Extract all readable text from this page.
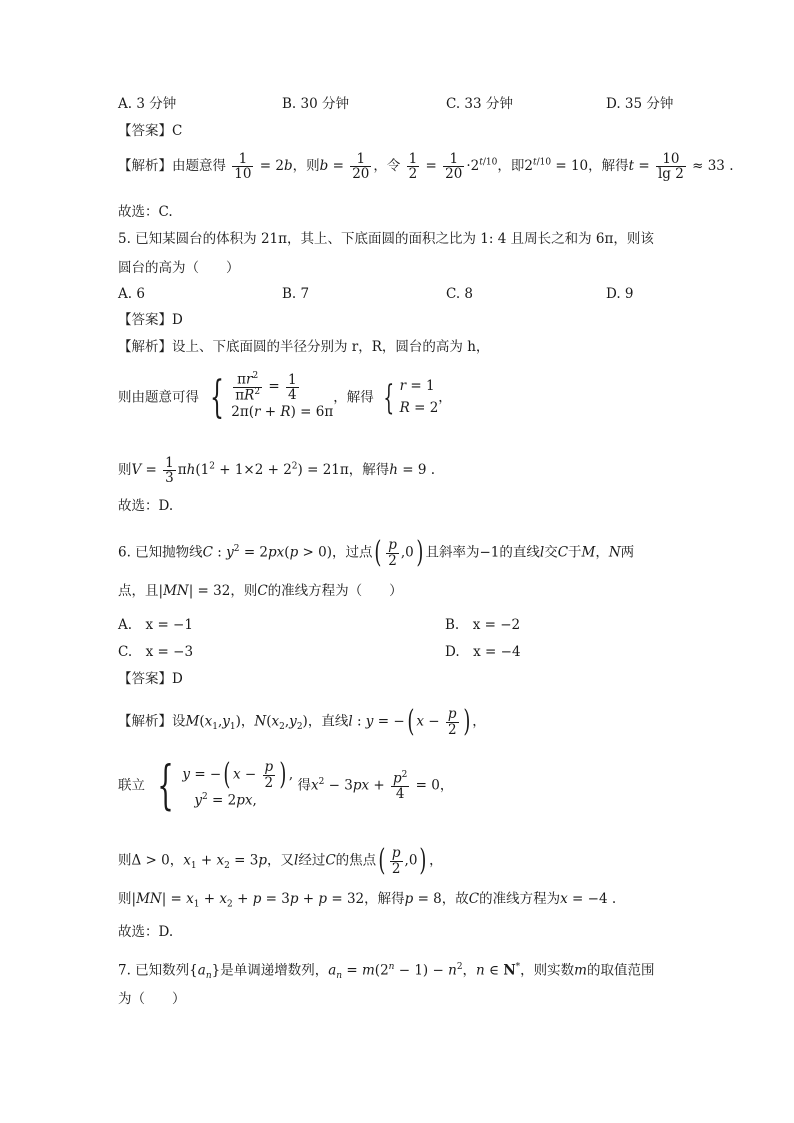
A. 3 分钟	B. 30 分钟	C. 33 分钟	D. 35 分钟
【答案】C
【解析】由题意得 $\frac{1}{10} = 2b$，则$b = \frac{1}{20}$ ，令 $\frac{1}{2} = \frac{1}{20} \cdot 2^{t/10}$，即$2^{t/10} = 10$，解得$t = \frac{10}{\lg 2} \approx 33$ .
故选：C.
5. 已知某圆台的体积为 21π，其上、下底面圆的面积之比为 1: 4 且周长之和为 6π，则该
圆台的高为（　　）
A. 6	B. 7	C. 8	D. 9
【答案】D
【解析】设上、下底面圆的半径分别为 r，R，圆台的高为 h，
则由题意可得 { $\frac{\pi r^2}{\pi R^2} = \frac{1}{4}$
2π(r + R) = 6π
，解得 { r = 1
R = 2
，
则$V = \frac{1}{3} \pi h(1^2 + 1\times 2 + 2^2) = 21\pi$，解得h = 9 .
故选：D.
6. 已知抛物线C : $y^2 = 2px(p > 0)$，过点( $\frac{p}{2} ,0$) 且斜率为−1的直线l交C于M，N两
点，且|MN| = 32，则C的准线方程为（　　）
A.　x = −1	B.　x = −2
C.　x = −3	D.　x = −4
【答案】D
【解析】设$M(x_1,y_1)$，$N(x_2,y_2)$，直线l : y = −( $x - \frac{p}{2}$ ) ，
联立 { y = −( $x - \frac{p}{2}$ ) ,
$y^2 = 2px$,
得$x^2 - 3px + \frac{p^2}{4} = 0$，
则Δ > 0，$x_1 + x_2 = 3p$，又l经过C的焦点( $\frac{p}{2} ,0$) ，
则$|MN| = x_1 + x_2 + p = 3p + p = 32$，解得p = 8，故C的准线方程为x = −4 .
故选：D.
7. 已知数列$\{a_n\}$是单调递增数列，$a_n = m(2^n - 1) - n^2$，n ∈ N*，则实数m的取值范围
为（　　）
